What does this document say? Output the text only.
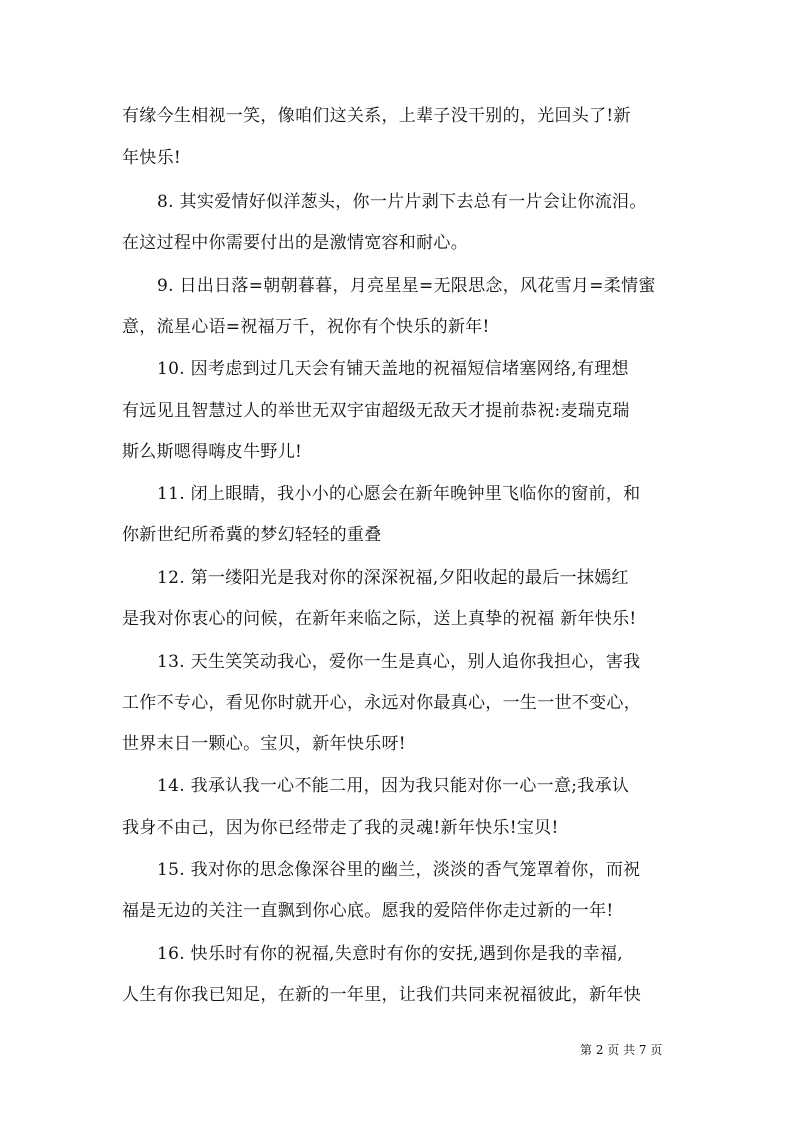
有缘今生相视一笑，像咱们这关系，上辈子没干别的，光回头了!新
年快乐!
8. 其实爱情好似洋葱头，你一片片剥下去总有一片会让你流泪。
在这过程中你需要付出的是激情宽容和耐心。
9. 日出日落=朝朝暮暮，月亮星星=无限思念，风花雪月=柔情蜜
意，流星心语=祝福万千，祝你有个快乐的新年!
10. 因考虑到过几天会有铺天盖地的祝福短信堵塞网络,有理想
有远见且智慧过人的举世无双宇宙超级无敌天才提前恭祝:麦瑞克瑞
斯么斯嗯得嗨皮牛野儿!
11. 闭上眼睛，我小小的心愿会在新年晚钟里飞临你的窗前，和
你新世纪所希冀的梦幻轻轻的重叠
12. 第一缕阳光是我对你的深深祝福,夕阳收起的最后一抹嫣红
是我对你衷心的问候，在新年来临之际，送上真挚的祝福 新年快乐!
13. 天生笑笑动我心，爱你一生是真心，别人追你我担心，害我
工作不专心，看见你时就开心，永远对你最真心，一生一世不变心，
世界末日一颗心。宝贝，新年快乐呀!
14. 我承认我一心不能二用，因为我只能对你一心一意;我承认
我身不由己，因为你已经带走了我的灵魂!新年快乐!宝贝!
15. 我对你的思念像深谷里的幽兰，淡淡的香气笼罩着你，而祝
福是无边的关注一直飘到你心底。愿我的爱陪伴你走过新的一年!
16. 快乐时有你的祝福,失意时有你的安抚,遇到你是我的幸福,
人生有你我已知足，在新的一年里，让我们共同来祝福彼此，新年快
第 2 页 共 7 页
